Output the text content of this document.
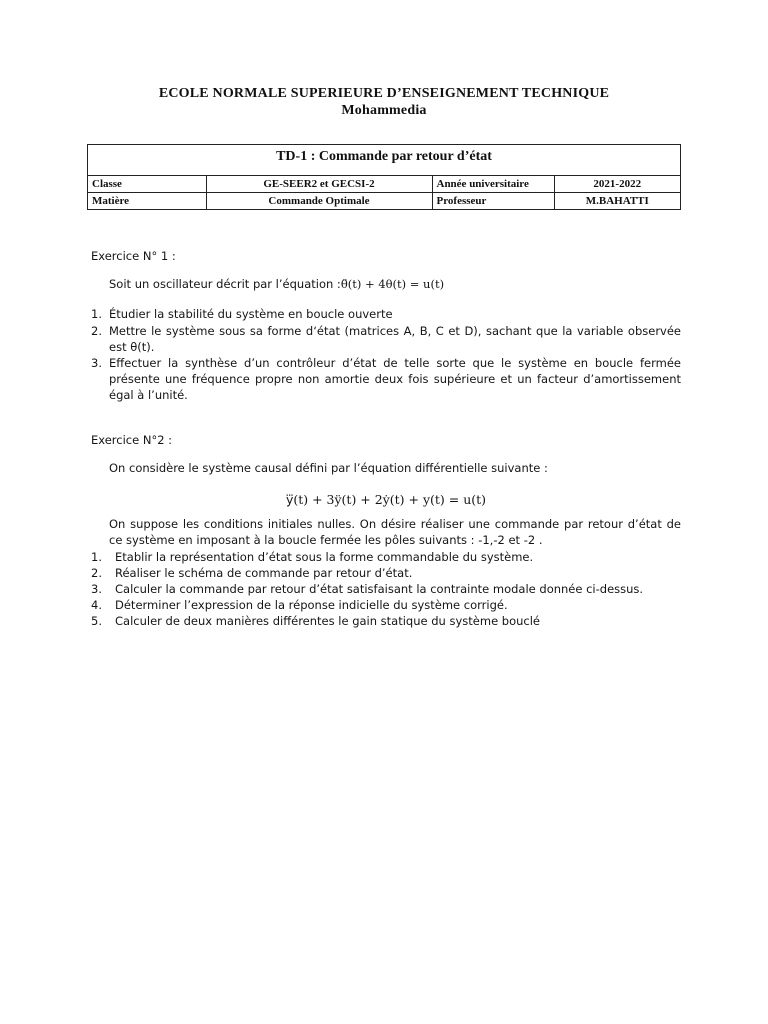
ECOLE NORMALE SUPERIEURE D’ENSEIGNEMENT TECHNIQUE
Mohammedia
TD-1 : Commande par retour d’état
Classe	GE-SEER2 et GECSI-2	Année universitaire	2021-2022
Matière	Commande Optimale	Professeur	M.BAHATTI
Exercice N° 1 :
Soit un oscillateur décrit par l’équation :θ̈(t) + 4θ(t) = u(t)
1. Étudier la stabilité du système en boucle ouverte
2. Mettre le système sous sa forme d‘état (matrices A, B, C et D), sachant que la variable observée est θ(t).
3. Effectuer la synthèse d’un contrôleur d’état de telle sorte que le système en boucle fermée présente une fréquence propre non amortie deux fois supérieure et un facteur d’amortissement égal à l’unité.
Exercice N°2 :
On considère le système causal défini par l’équation différentielle suivante :
y⃛(t) + 3ÿ(t) + 2ẏ(t) + y(t) = u(t)
On suppose les conditions initiales nulles. On désire réaliser une commande par retour d’état de ce système en imposant à la boucle fermée les pôles suivants : -1,-2 et -2 .
1. Etablir la représentation d’état sous la forme commandable du système.
2. Réaliser le schéma de commande par retour d’état.
3. Calculer la commande par retour d’état satisfaisant la contrainte modale donnée ci-dessus.
4. Déterminer l’expression de la réponse indicielle du système corrigé.
5. Calculer de deux manières différentes le gain statique du système bouclé
